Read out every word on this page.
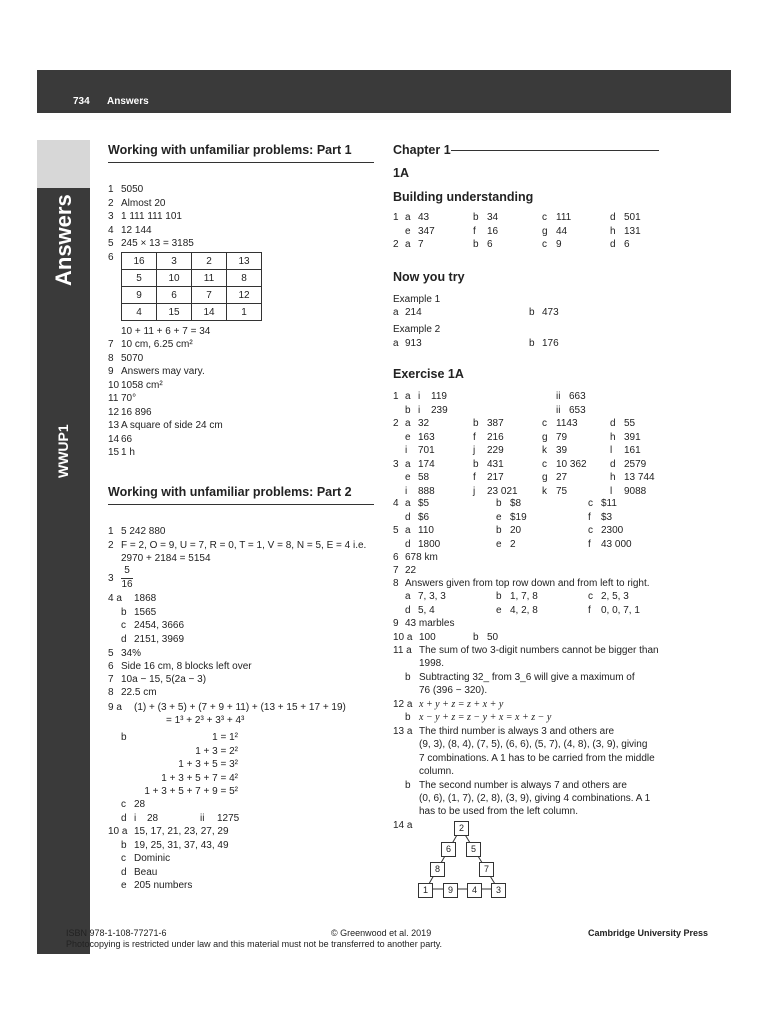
734 Answers
Answers
WWUP1
Working with unfamiliar problems: Part 1
1 5050
2 Almost 20
3 1 111 111 101
4 12 144
5 245 × 13 = 3185
6 16	3	2	13
5	10	11	8
9	6	7	12
4	15	14	1
10 + 11 + 6 + 7 = 34
7 10 cm, 6.25 cm²
8 5070
9 Answers may vary.
10 1058 cm²
11 70°
12 16 896
13 A square of side 24 cm
14 66
15 1 h
Working with unfamiliar problems: Part 2
1 5 242 880
2 F = 2, O = 9, U = 7, R = 0, T = 1, V = 8, N = 5, E = 4 i.e.
2970 + 2184 = 5154
3
5
16
4 a 1868
b 1565
c 2454, 3666
d 2151, 3969
5 34%
6 Side 16 cm, 8 blocks left over
7 10a − 15, 5(2a − 3)
8 22.5 cm
9 a (1) + (3 + 5) + (7 + 9 + 11) + (13 + 15 + 17 + 19)
= 1³ + 2³ + 3³ + 4³
b	1 = 1²
1 + 3 = 2²
1 + 3 + 5 = 3²
1 + 3 + 5 + 7 = 4²
1 + 3 + 5 + 7 + 9 = 5²
c 28
d i 28	ii 1275
10 a 15, 17, 21, 23, 27, 29
b 19, 25, 31, 37, 43, 49
c Dominic
d Beau
e 205 numbers
Chapter 1
1A
Building understanding
1 a 43	b 34	c 111	d 501
e 347	f 16	g 44	h 131
2 a 7	b 6	c 9	d 6
Now you try
Example 1
a 214	b 473
Example 2
a 913	b 176
Exercise 1A
1 a i 119	ii 663
b i 239	ii 653
2 a 32	b 387	c 1143	d 55
e 163	f 216	g 79	h 391
i 701	j 229	k 39	l 161
3 a 174	b 431	c 10 362 d 2579
e 58	f 217	g 27	h 13 744
i 888	j 23 021 k 75	l 9088
4 a $5	b $8	c $11
d $6	e $19	f $3
5 a 110	b 20	c 2300
d 1800	e 2	f 43 000
6 678 km
7 22
8 Answers given from top row down and from left to right.
a 7, 3, 3	b 1, 7, 8	c 2, 5, 3
d 5, 4	e 4, 2, 8	f 0, 0, 7, 1
9 43 marbles
10 a 100	b 50
11 a The sum of two 3-digit numbers cannot be bigger than
1998.
b Subtracting 32_ from 3_6 will give a maximum of
76 (396 − 320).
12 a x + y + z = z + x + y
b x − y + z = z − y + x = x + z − y
13 a The third number is always 3 and others are
(9, 3), (8, 4), (7, 5), (6, 6), (5, 7), (4, 8), (3, 9), giving
7 combinations. A 1 has to be carried from the middle
column.
b The second number is always 7 and others are
(0, 6), (1, 7), (2, 8), (3, 9), giving 4 combinations. A 1
has to be used from the left column.
14 a	2
6	5
8	7
1	9	4	3
ISBN 978-1-108-77271-6	© Greenwood et al. 2019	Cambridge University Press
Photocopying is restricted under law and this material must not be transferred to another party.
